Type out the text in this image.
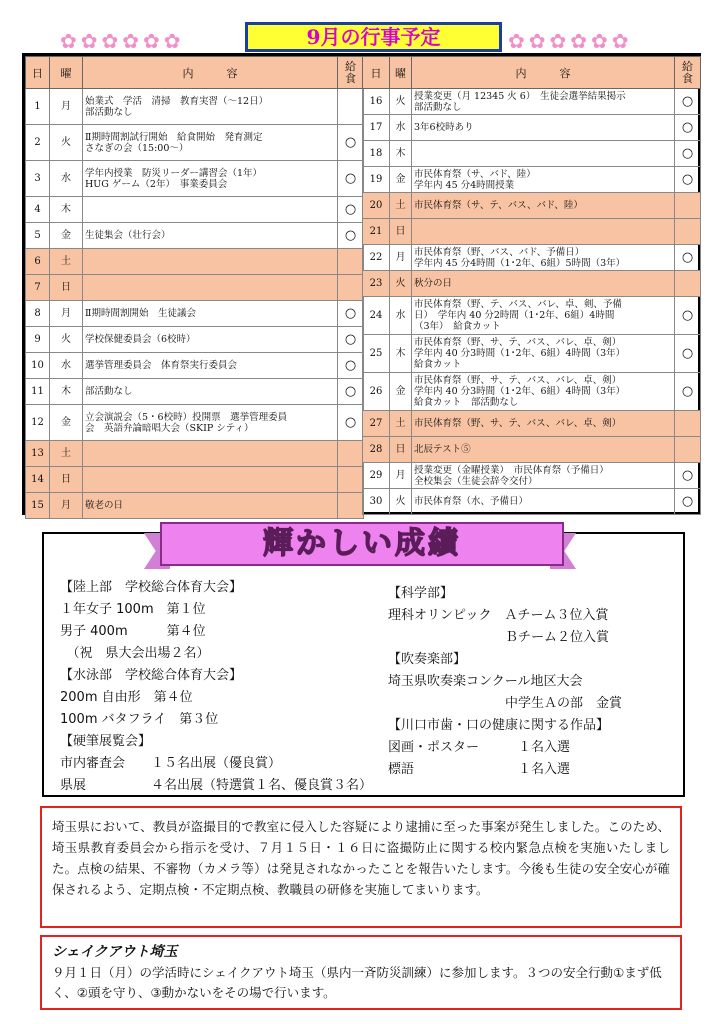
✿✿✿✿✿✿	✿✿✿✿✿✿
9月の行事予定
日	曜	内　　　容	給
食
1	月	始業式　学活　清掃　教育実習（～12日）
部活動なし	
2	火	Ⅱ期時間割試行開始　給食開始　発育測定
さなぎの会（15:00～）	○
3	水	学年内授業　防災リーダー講習会（1年）
HUG ゲーム（2年）　事業委員会	○
4	木		○
5	金	生徒集会（壮行会）	○
6	土		
7	日		
8	月	Ⅱ期時間割開始　生徒議会	○
9	火	学校保健委員会（6校時）	○
10	水	選挙管理委員会　体育祭実行委員会	○
11	木	部活動なし	○
12	金	立会演説会（5・6校時）投開票　選挙管理委員
会　英語弁論暗唱大会（SKIP シティ）	○
13	土		
14	日		
15	月	敬老の日	
日	曜	内　　　容	給
食
16	火	授業変更（月 12345 火 6）　生徒会選挙結果掲示
部活動なし	○
17	水	3年6校時あり	○
18	木		○
19	金	市民体育祭（サ、バド、陸）
学年内 45 分4時間授業	○
20	土	市民体育祭（サ、テ、バス、バド、陸）	
21	日		
22	月	市民体育祭（野、バス、バド、予備日）
学年内 45 分4時間（1･2年、6組）5時間（3年）	○
23	火	秋分の日	
24	水	市民体育祭（野、テ、バス、バレ、卓、剣、予備
日）　学年内 40 分2時間（1･2年、6組）4時間
（3年）　給食カット	○
25	木	市民体育祭（野、サ、テ、バス、バレ、卓、剣）
学年内 40 分3時間（1･2年、6組）4時間（3年）
給食カット	○
26	金	市民体育祭（野、サ、テ、バス、バレ、卓、剣）
学年内 40 分3時間（1･2年、6組）4時間（3年）
給食カット　部活動なし	○
27	土	市民体育祭（野、サ、テ、バス、バレ、卓、剣）	
28	日	北辰テスト⑤	
29	月	授業変更（金曜授業）　市民体育祭（予備日）
全校集会（生徒会辞令交付）	○
30	火	市民体育祭（水、予備日）	○
輝かしい成績
【陸上部　学校総合体育大会】
１年女子 100m　第１位
男子 400m　　　第４位
　（祝　県大会出場２名）
【水泳部　学校総合体育大会】
200m 自由形　第４位
100m バタフライ　第３位
【硬筆展覧会】
市内審査会　　１５名出展（優良賞）
県展　　　　　４名出展（特選賞１名、優良賞３名）
【科学部】
理科オリンピック　Ａチーム３位入賞
　　　　　　　　　Ｂチーム２位入賞
【吹奏楽部】
埼玉県吹奏楽コンクール地区大会
　　　　　　　　　中学生Ａの部　金賞
【川口市歯・口の健康に関する作品】
図画・ポスター　　　１名入選
標語　　　　　　　　１名入選

埼玉県において、教員が盗撮目的で教室に侵入した容疑により逮捕に至った事案が発生しました。このため、埼玉県教育委員会から指示を受け、７月１５日・１６日に盗撮防止に関する校内緊急点検を実施いたしました。点検の結果、不審物（カメラ等）は発見されなかったことを報告いたします。今後も生徒の安全安心が確保されるよう、定期点検・不定期点検、教職員の研修を実施してまいります。

シェイクアウト埼玉

９月１日（月）の学活時にシェイクアウト埼玉（県内一斉防災訓練）に参加します。３つの安全行動①まず低く、②頭を守り、③動かないをその場で行います。
